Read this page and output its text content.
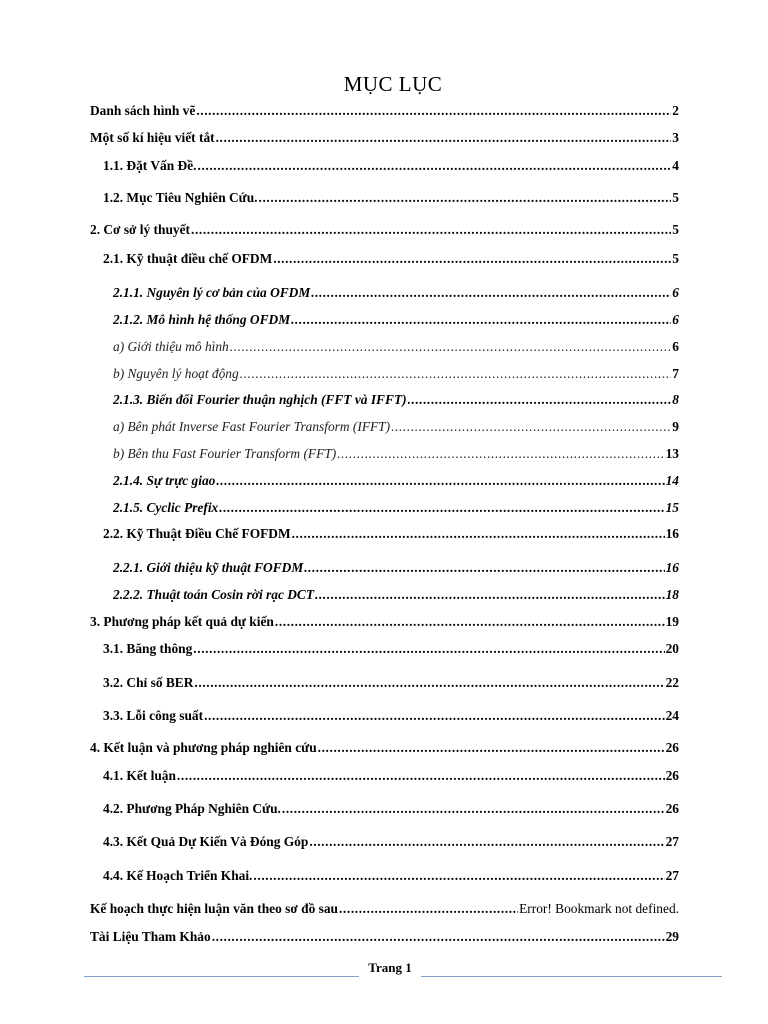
MỤC LỤC
Danh sách hình vẽ .....	2
Một số kí hiệu viết tắt .....	3
1.1. Đặt Vấn Đề. .....	4
1.2. Mục Tiêu Nghiên Cứu. .....	5
2. Cơ sở lý thuyết .....	5
2.1. Kỹ thuật điều chế OFDM .....	5
2.1.1. Nguyên lý cơ bản của OFDM .....	6
2.1.2. Mô hình hệ thống OFDM .....	6
a) Giới thiệu mô hình .....	6
b) Nguyên lý hoạt động .....	7
2.1.3. Biến đổi Fourier thuận nghịch (FFT và IFFT) .....	8
a) Bên phát Inverse Fast Fourier Transform (IFFT) .....	9
b) Bên thu Fast Fourier Transform (FFT) .....	13
2.1.4. Sự trực giao .....	14
2.1.5. Cyclic Prefix .....	15
2.2. Kỹ Thuật Điều Chế FOFDM .....	16
2.2.1. Giới thiệu kỹ thuật FOFDM .....	16
2.2.2. Thuật toán Cosin rời rạc DCT .....	18
3. Phương pháp kết quả dự kiến .....	19
3.1. Băng thông .....	20
3.2. Chỉ số BER .....	22
3.3. Lỗi công suất .....	24
4. Kết luận và phương pháp nghiên cứu .....	26
4.1. Kết luận .....	26
4.2. Phương Pháp Nghiên Cứu. .....	26
4.3. Kết Quả Dự Kiến Và Đóng Góp .....	27
4.4. Kế Hoạch Triển Khai. .....	27
Kế hoạch thực hiện luận văn theo sơ đồ sau .....	Error! Bookmark not defined.
Tài Liệu Tham Khảo .....	29
Trang 1
